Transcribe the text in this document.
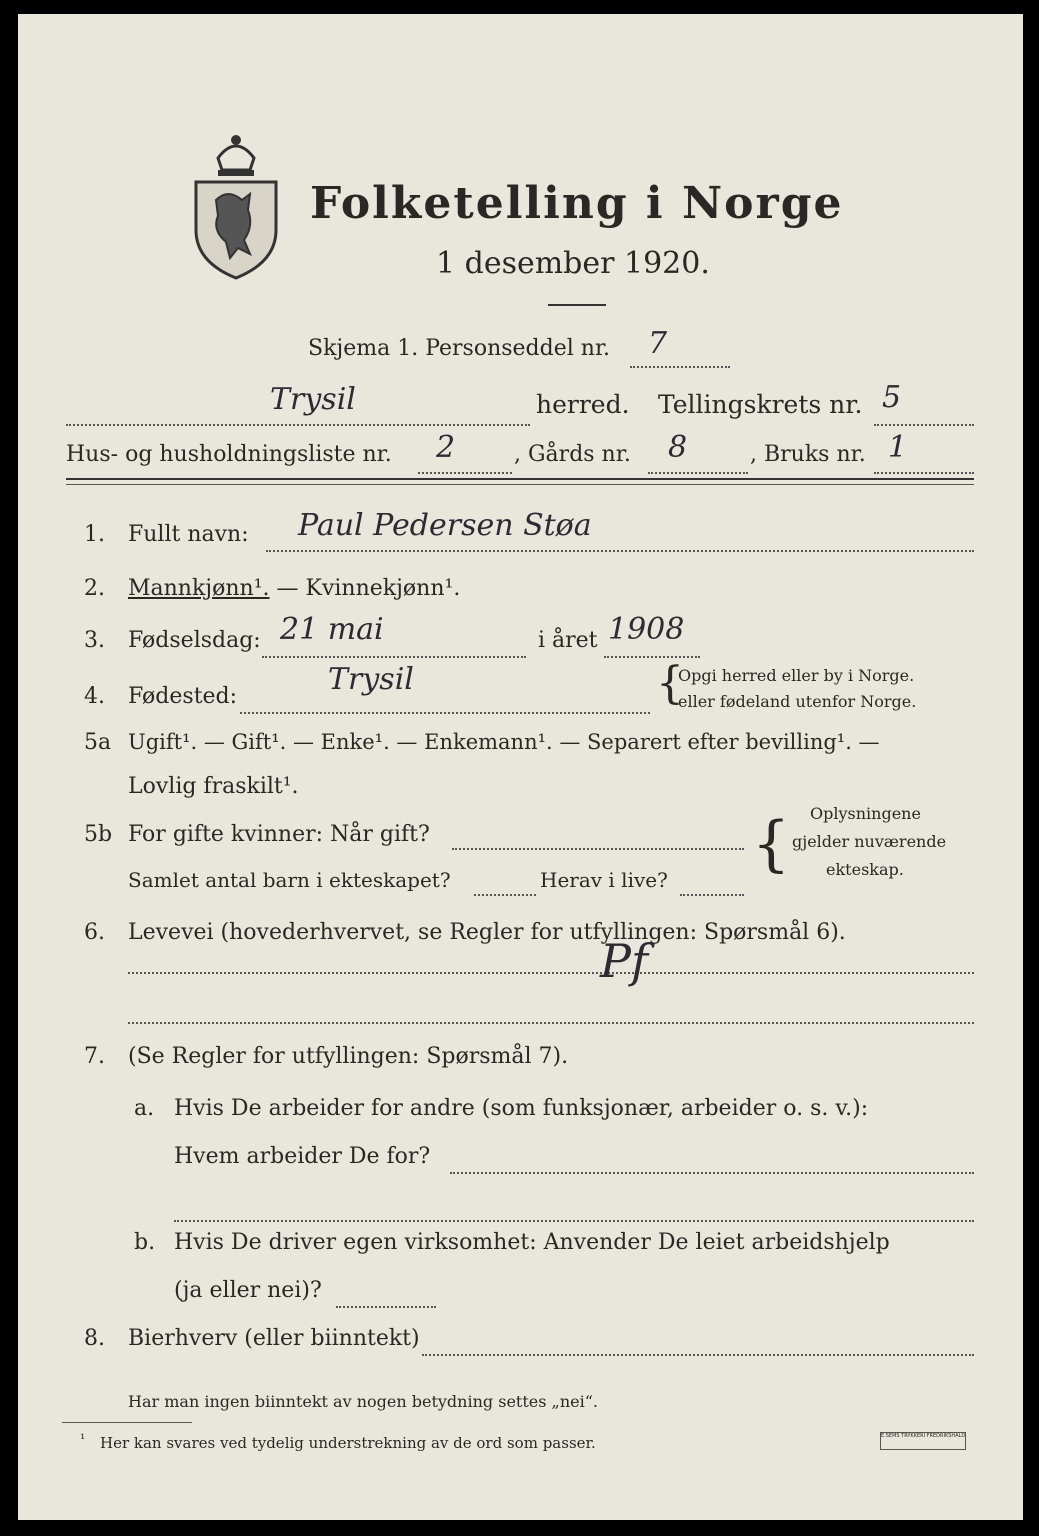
Folketelling i Norge
1 desember 1920.
Skjema 1. Personseddel nr. 7
Trysil	herred. Tellingskrets nr. 5
Hus- og husholdningsliste nr. 2	, Gårds nr. 8	, Bruks nr. 1
1. Fullt navn: Paul Pedersen Støa
2. Mannkjønn¹. — Kvinnekjønn¹.
3. Fødselsdag: 21 mai	i året 1908
4. Fødested:	Trysil	{
Opgi herred eller by i Norge.
eller fødeland utenfor Norge.
5a Ugift¹. — Gift¹. — Enke¹. — Enkemann¹. — Separert efter bevilling¹. —
Lovlig fraskilt¹.
5b For gifte kvinner: Når gift?
Samlet antal barn i ekteskapet?	Herav i live?
{ Oplysningene
gjelder nuværende
ekteskap.
6. Levevei (hovederhvervet, se Regler for utfyllingen: Spørsmål 6).
Pf
7. (Se Regler for utfyllingen: Spørsmål 7).
a. Hvis De arbeider for andre (som funksjonær, arbeider o. s. v.):
Hvem arbeider De for?
b. Hvis De driver egen virksomhet: Anvender De leiet arbeidshjelp
(ja eller nei)?
8. Bierhverv (eller biinntekt)
Har man ingen biinntekt av nogen betydning settes „nei“.
¹ Her kan svares ved tydelig understrekning av de ord som passer.	E.SEMS TRYKKERI FREDRIKSHALD
